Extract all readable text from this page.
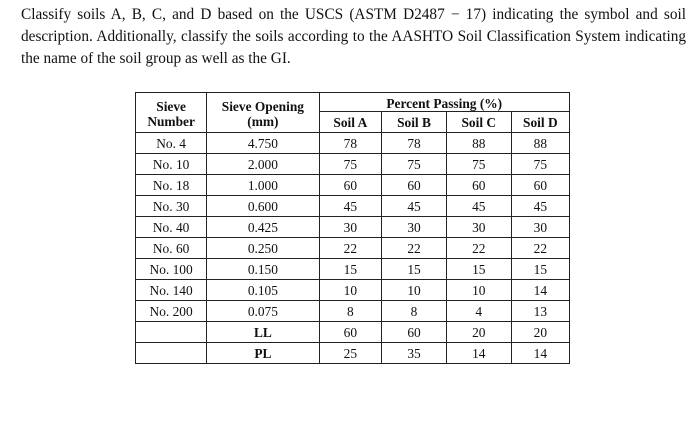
Classify soils A, B, C, and D based on the USCS (ASTM D2487 − 17) indicating the symbol and soil description. Additionally, classify the soils according to the AASHTO Soil Classification System indicating the name of the soil group as well as the GI.
Sieve Number	Sieve Opening (mm)	Percent Passing (%)			
		Soil A	Soil B	Soil C	Soil D
No. 4	4.750	78	78	88	88
No. 10	2.000	75	75	75	75
No. 18	1.000	60	60	60	60
No. 30	0.600	45	45	45	45
No. 40	0.425	30	30	30	30
No. 60	0.250	22	22	22	22
No. 100	0.150	15	15	15	15
No. 140	0.105	10	10	10	14
No. 200	0.075	8	8	4	13
	LL	60	60	20	20
	PL	25	35	14	14
